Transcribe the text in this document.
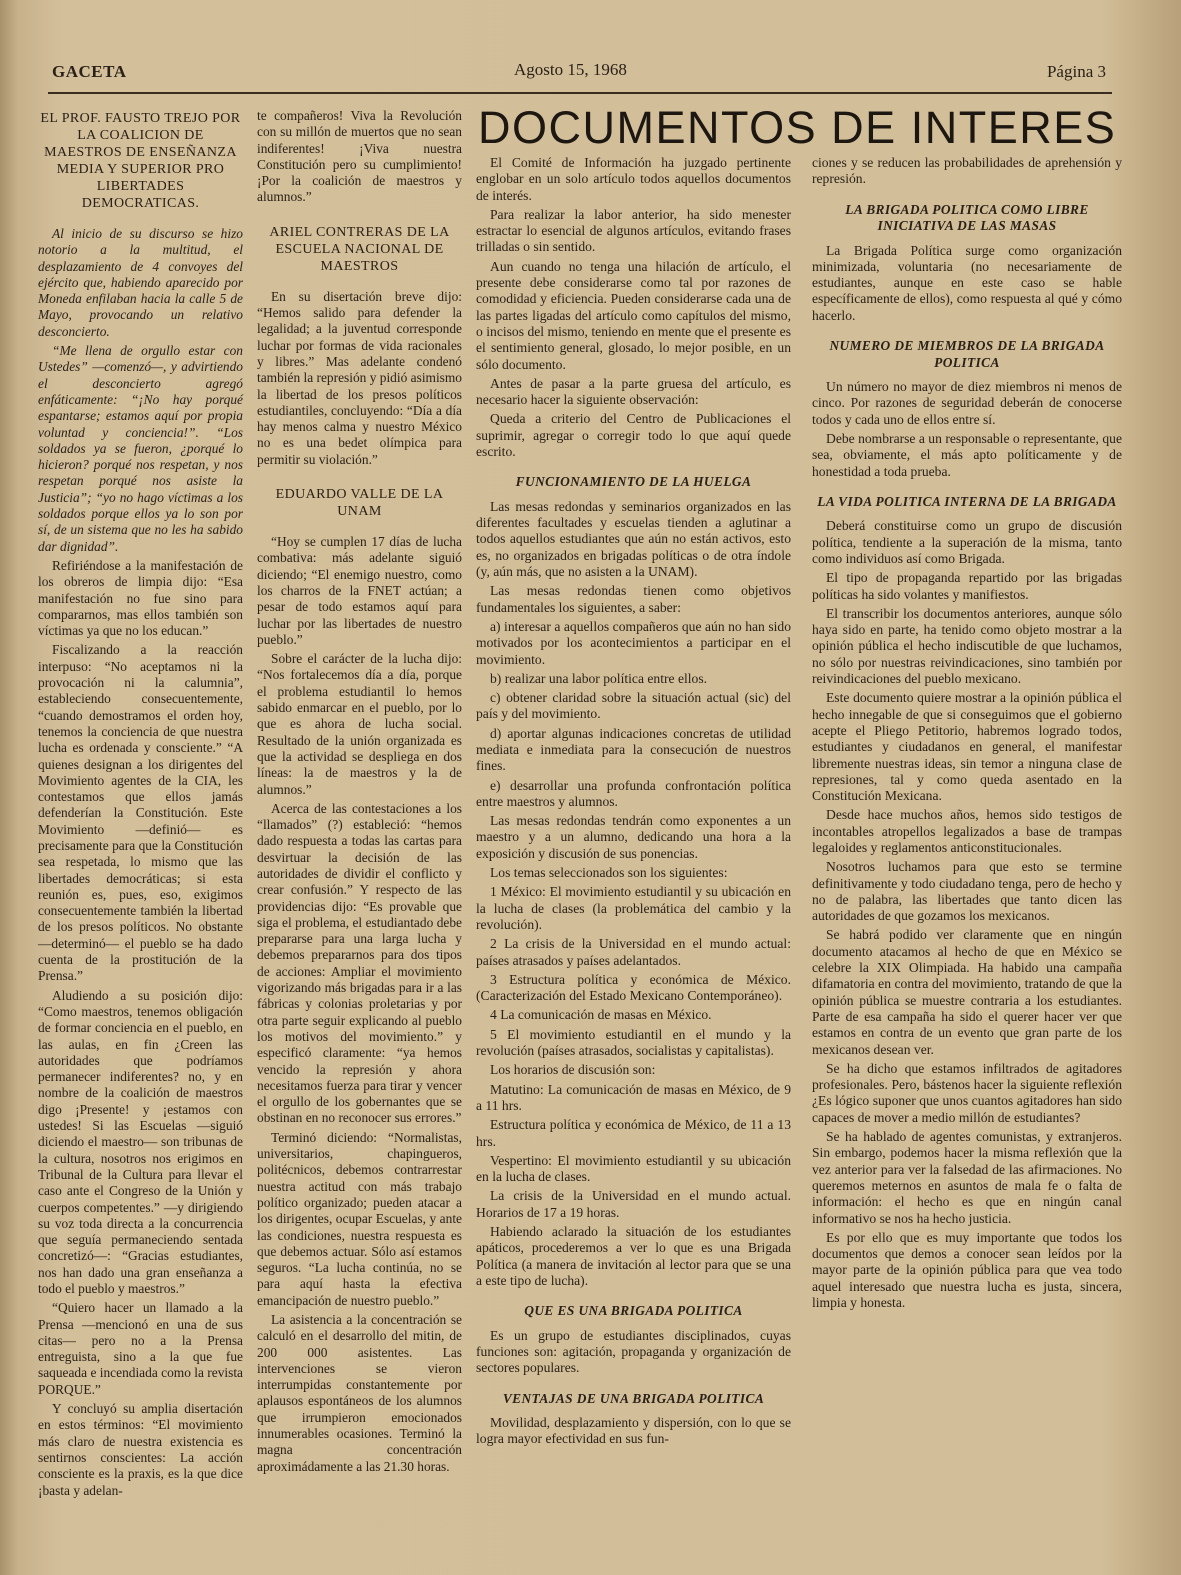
GACETA	Agosto 15, 1968	Página 3
DOCUMENTOS DE INTERES
EL PROF. FAUSTO TREJO POR LA COALICION DE MAESTROS DE ENSEÑANZA MEDIA Y SUPERIOR PRO LIBERTADES DEMOCRATICAS.

Al inicio de su discurso se hizo notorio a la multitud, el desplazamiento de 4 convoyes del ejército que, habiendo aparecido por Moneda enfilaban hacia la calle 5 de Mayo, provocando un relativo desconcierto.

“Me llena de orgullo estar con Ustedes” —comenzó—, y advirtiendo el desconcierto agregó enfáticamente: “¡No hay porqué espantarse; estamos aquí por propia voluntad y conciencia!”. “Los soldados ya se fueron, ¿porqué lo hicieron? porqué nos respetan, y nos respetan porqué nos asiste la Justicia”; “yo no hago víctimas a los soldados porque ellos ya lo son por sí, de un sistema que no les ha sabido dar dignidad”.

Refiriéndose a la manifestación de los obreros de limpia dijo: “Esa manifestación no fue sino para compararnos, mas ellos también son víctimas ya que no los educan.”

Fiscalizando a la reacción interpuso: “No aceptamos ni la provocación ni la calumnia”, estableciendo consecuentemente, “cuando demostramos el orden hoy, tenemos la conciencia de que nuestra lucha es ordenada y consciente.” “A quienes designan a los dirigentes del Movimiento agentes de la CIA, les contestamos que ellos jamás defenderían la Constitución. Este Movimiento —definió— es precisamente para que la Constitución sea respetada, lo mismo que las libertades democráticas; si esta reunión es, pues, eso, exigimos consecuentemente también la libertad de los presos políticos. No obstante —determinó— el pueblo se ha dado cuenta de la prostitución de la Prensa.”

Aludiendo a su posición dijo: “Como maestros, tenemos obligación de formar conciencia en el pueblo, en las aulas, en fin ¿Creen las autoridades que podríamos permanecer indiferentes? no, y en nombre de la coalición de maestros digo ¡Presente! y ¡estamos con ustedes! Si las Escuelas —siguió diciendo el maestro— son tribunas de la cultura, nosotros nos erigimos en Tribunal de la Cultura para llevar el caso ante el Congreso de la Unión y cuerpos competentes.” —y dirigiendo su voz toda directa a la concurrencia que seguía permaneciendo sentada concretizó—: “Gracias estudiantes, nos han dado una gran enseñanza a todo el pueblo y maestros.”

“Quiero hacer un llamado a la Prensa —mencionó en una de sus citas— pero no a la Prensa entreguista, sino a la que fue saqueada e incendiada como la revista PORQUE.”

Y concluyó su amplia disertación en estos términos: “El movimiento más claro de nuestra existencia es sentirnos conscientes: La acción consciente es la praxis, es la que dice ¡basta y adelan-

te compañeros! Viva la Revolución con su millón de muertos que no sean indiferentes! ¡Viva nuestra Constitución pero su cumplimiento! ¡Por la coalición de maestros y alumnos.”

ARIEL CONTRERAS DE LA ESCUELA NACIONAL DE MAESTROS

En su disertación breve dijo: “Hemos salido para defender la legalidad; a la juventud corresponde luchar por formas de vida racionales y libres.” Mas adelante condenó también la represión y pidió asimismo la libertad de los presos políticos estudiantiles, concluyendo: “Día a día hay menos calma y nuestro México no es una bedet olímpica para permitir su violación.”

EDUARDO VALLE DE LA UNAM

“Hoy se cumplen 17 días de lucha combativa: más adelante siguió diciendo; “El enemigo nuestro, como los charros de la FNET actúan; a pesar de todo estamos aquí para luchar por las libertades de nuestro pueblo.”

Sobre el carácter de la lucha dijo: “Nos fortalecemos día a día, porque el problema estudiantil lo hemos sabido enmarcar en el pueblo, por lo que es ahora de lucha social. Resultado de la unión organizada es que la actividad se despliega en dos líneas: la de maestros y la de alumnos.”

Acerca de las contestaciones a los “llamados” (?) estableció: “hemos dado respuesta a todas las cartas para desvirtuar la decisión de las autoridades de dividir el conflicto y crear confusión.” Y respecto de las providencias dijo: “Es provable que siga el problema, el estudiantado debe prepararse para una larga lucha y debemos prepararnos para dos tipos de acciones: Ampliar el movimiento vigorizando más brigadas para ir a las fábricas y colonias proletarias y por otra parte seguir explicando al pueblo los motivos del movimiento.” y especificó claramente: “ya hemos vencido la represión y ahora necesitamos fuerza para tirar y vencer el orgullo de los gobernantes que se obstinan en no reconocer sus errores.”

Terminó diciendo: “Normalistas, universitarios, chapingueros, politécnicos, debemos contrarrestar nuestra actitud con más trabajo político organizado; pueden atacar a los dirigentes, ocupar Escuelas, y ante las condiciones, nuestra respuesta es que debemos actuar. Sólo así estamos seguros. “La lucha continúa, no se para aquí hasta la efectiva emancipación de nuestro pueblo.”

La asistencia a la concentración se calculó en el desarrollo del mitin, de 200 000 asistentes. Las intervenciones se vieron interrumpidas constantemente por aplausos espontáneos de los alumnos que irrumpieron emocionados innumerables ocasiones. Terminó la magna concentración aproximádamente a las 21.30 horas.

El Comité de Información ha juzgado pertinente englobar en un solo artículo todos aquellos documentos de interés.

Para realizar la labor anterior, ha sido menester estractar lo esencial de algunos artículos, evitando frases trilladas o sin sentido.

Aun cuando no tenga una hilación de artículo, el presente debe considerarse como tal por razones de comodidad y eficiencia. Pueden considerarse cada una de las partes ligadas del artículo como capítulos del mismo, o incisos del mismo, teniendo en mente que el presente es el sentimiento general, glosado, lo mejor posible, en un sólo documento.

Antes de pasar a la parte gruesa del artículo, es necesario hacer la siguiente observación:

Queda a criterio del Centro de Publicaciones el suprimir, agregar o corregir todo lo que aquí quede escrito.

FUNCIONAMIENTO DE LA HUELGA

Las mesas redondas y seminarios organizados en las diferentes facultades y escuelas tienden a aglutinar a todos aquellos estudiantes que aún no están activos, esto es, no organizados en brigadas políticas o de otra índole (y, aún más, que no asisten a la UNAM).

Las mesas redondas tienen como objetivos fundamentales los siguientes, a saber:

a) interesar a aquellos compañeros que aún no han sido motivados por los acontecimientos a participar en el movimiento.

b) realizar una labor política entre ellos.

c) obtener claridad sobre la situación actual (sic) del país y del movimiento.

d) aportar algunas indicaciones concretas de utilidad mediata e inmediata para la consecución de nuestros fines.

e) desarrollar una profunda confrontación política entre maestros y alumnos.

Las mesas redondas tendrán como exponentes a un maestro y a un alumno, dedicando una hora a la exposición y discusión de sus ponencias.

Los temas seleccionados son los siguientes:

1 México: El movimiento estudiantil y su ubicación en la lucha de clases (la problemática del cambio y la revolución).

2 La crisis de la Universidad en el mundo actual: países atrasados y países adelantados.

3 Estructura política y económica de México. (Caracterización del Estado Mexicano Contemporáneo).

4 La comunicación de masas en México.

5 El movimiento estudiantil en el mundo y la revolución (países atrasados, socialistas y capitalistas).

Los horarios de discusión son:

Matutino: La comunicación de masas en México, de 9 a 11 hrs.

Estructura política y económica de México, de 11 a 13 hrs.

Vespertino: El movimiento estudiantil y su ubicación en la lucha de clases.

La crisis de la Universidad en el mundo actual. Horarios de 17 a 19 horas.

Habiendo aclarado la situación de los estudiantes apáticos, procederemos a ver lo que es una Brigada Política (a manera de invitación al lector para que se una a este tipo de lucha).

QUE ES UNA BRIGADA POLITICA

Es un grupo de estudiantes disciplinados, cuyas funciones son: agitación, propaganda y organización de sectores populares.

VENTAJAS DE UNA BRIGADA POLITICA

Movilidad, desplazamiento y dispersión, con lo que se logra mayor efectividad en sus fun-

ciones y se reducen las probabilidades de aprehensión y represión.

LA BRIGADA POLITICA COMO LIBRE INICIATIVA DE LAS MASAS

La Brigada Política surge como organización minimizada, voluntaria (no necesariamente de estudiantes, aunque en este caso se hable específicamente de ellos), como respuesta al qué y cómo hacerlo.

NUMERO DE MIEMBROS DE LA BRIGADA POLITICA

Un número no mayor de diez miembros ni menos de cinco. Por razones de seguridad deberán de conocerse todos y cada uno de ellos entre sí.

Debe nombrarse a un responsable o representante, que sea, obviamente, el más apto políticamente y de honestidad a toda prueba.

LA VIDA POLITICA INTERNA DE LA BRIGADA

Deberá constituirse como un grupo de discusión política, tendiente a la superación de la misma, tanto como individuos así como Brigada.

El tipo de propaganda repartido por las brigadas políticas ha sido volantes y manifiestos.

El transcribir los documentos anteriores, aunque sólo haya sido en parte, ha tenido como objeto mostrar a la opinión pública el hecho indiscutible de que luchamos, no sólo por nuestras reivindicaciones, sino también por reivindicaciones del pueblo mexicano.

Este documento quiere mostrar a la opinión pública el hecho innegable de que si conseguimos que el gobierno acepte el Pliego Petitorio, habremos logrado todos, estudiantes y ciudadanos en general, el manifestar libremente nuestras ideas, sin temor a ninguna clase de represiones, tal y como queda asentado en la Constitución Mexicana.

Desde hace muchos años, hemos sido testigos de incontables atropellos legalizados a base de trampas legaloides y reglamentos anticonstitucionales.

Nosotros luchamos para que esto se termine definitivamente y todo ciudadano tenga, pero de hecho y no de palabra, las libertades que tanto dicen las autoridades de que gozamos los mexicanos.

Se habrá podido ver claramente que en ningún documento atacamos al hecho de que en México se celebre la XIX Olimpiada. Ha habido una campaña difamatoria en contra del movimiento, tratando de que la opinión pública se muestre contraria a los estudiantes. Parte de esa campaña ha sido el querer hacer ver que estamos en contra de un evento que gran parte de los mexicanos desean ver.

Se ha dicho que estamos infiltrados de agitadores profesionales. Pero, bástenos hacer la siguiente reflexión ¿Es lógico suponer que unos cuantos agitadores han sido capaces de mover a medio millón de estudiantes?

Se ha hablado de agentes comunistas, y extranjeros. Sin embargo, podemos hacer la misma reflexión que la vez anterior para ver la falsedad de las afirmaciones. No queremos meternos en asuntos de mala fe o falta de información: el hecho es que en ningún canal informativo se nos ha hecho justicia.

Es por ello que es muy importante que todos los documentos que demos a conocer sean leídos por la mayor parte de la opinión pública para que vea todo aquel interesado que nuestra lucha es justa, sincera, limpia y honesta.
